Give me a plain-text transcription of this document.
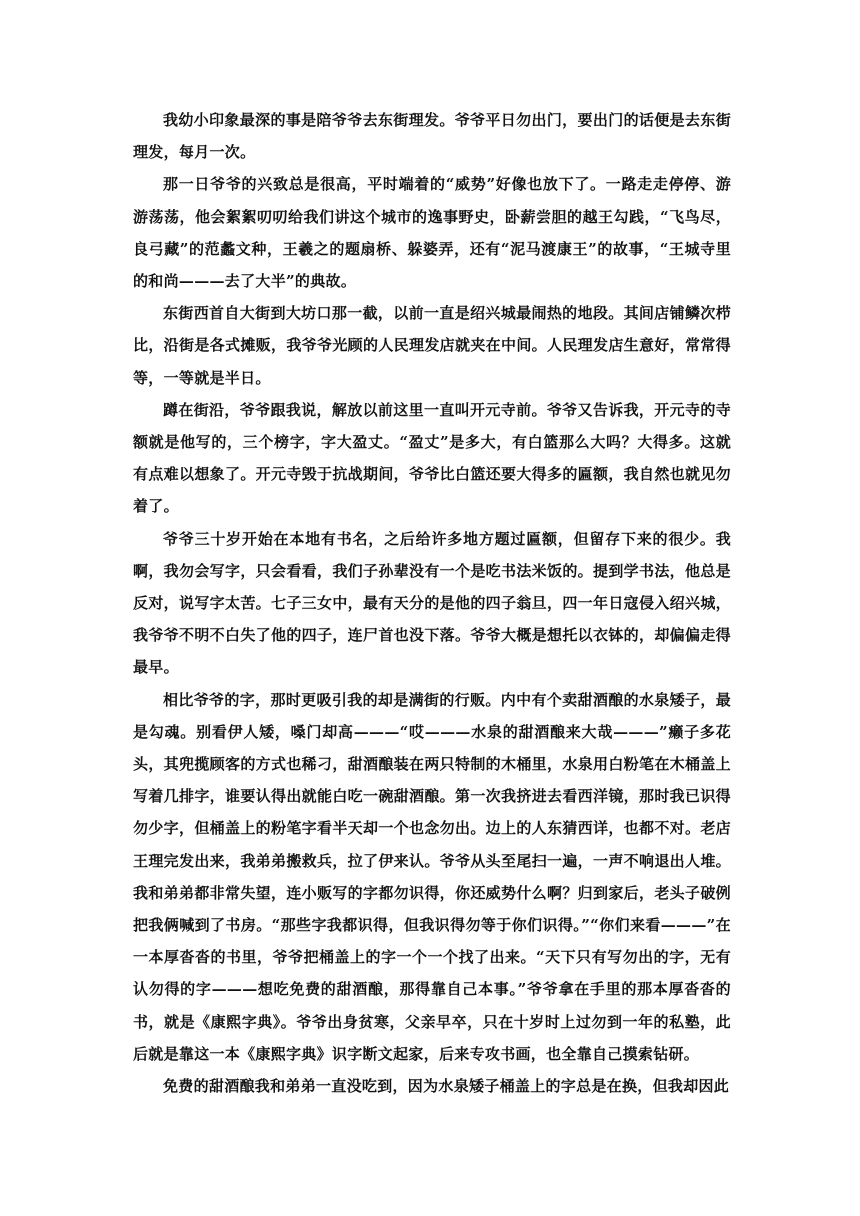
我幼小印象最深的事是陪爷爷去东街理发。爷爷平日勿出门，要出门的话便是去东街理发，每月一次。

那一日爷爷的兴致总是很高，平时端着的“威势”好像也放下了。一路走走停停、游游荡荡，他会絮絮叨叨给我们讲这个城市的逸事野史，卧薪尝胆的越王勾践，“飞鸟尽，良弓藏”的范蠡文种，王羲之的题扇桥、躲婆弄，还有“泥马渡康王”的故事，“王城寺里的和尚———去了大半”的典故。

东街西首自大街到大坊口那一截，以前一直是绍兴城最闹热的地段。其间店铺鳞次栉比，沿街是各式摊贩，我爷爷光顾的人民理发店就夹在中间。人民理发店生意好，常常得等，一等就是半日。

蹲在街沿，爷爷跟我说，解放以前这里一直叫开元寺前。爷爷又告诉我，开元寺的寺额就是他写的，三个榜字，字大盈丈。“盈丈”是多大，有白篮那么大吗？大得多。这就有点难以想象了。开元寺毁于抗战期间，爷爷比白篮还要大得多的匾额，我自然也就见勿着了。

爷爷三十岁开始在本地有书名，之后给许多地方题过匾额，但留存下来的很少。我啊，我勿会写字，只会看看，我们子孙辈没有一个是吃书法米饭的。提到学书法，他总是反对，说写字太苦。七子三女中，最有天分的是他的四子翁旦，四一年日寇侵入绍兴城，我爷爷不明不白失了他的四子，连尸首也没下落。爷爷大概是想托以衣钵的，却偏偏走得最早。

相比爷爷的字，那时更吸引我的却是满街的行贩。内中有个卖甜酒酿的水泉矮子，最是勾魂。别看伊人矮，嗓门却高———“哎———水泉的甜酒酿来大哉———”癞子多花头，其兜揽顾客的方式也稀刁，甜酒酿装在两只特制的木桶里，水泉用白粉笔在木桶盖上写着几排字，谁要认得出就能白吃一碗甜酒酿。第一次我挤进去看西洋镜，那时我已识得勿少字，但桶盖上的粉笔字看半天却一个也念勿出。边上的人东猜西详，也都不对。老店王理完发出来，我弟弟搬救兵，拉了伊来认。爷爷从头至尾扫一遍，一声不响退出人堆。我和弟弟都非常失望，连小贩写的字都勿识得，你还威势什么啊？归到家后，老头子破例把我俩喊到了书房。“那些字我都识得，但我识得勿等于你们识得。”“你们来看———”在一本厚沓沓的书里，爷爷把桶盖上的字一个一个找了出来。“天下只有写勿出的字，无有认勿得的字———想吃免费的甜酒酿，那得靠自己本事。”爷爷拿在手里的那本厚沓沓的书，就是《康熙字典》。爷爷出身贫寒，父亲早卒，只在十岁时上过勿到一年的私塾，此后就是靠这一本《康熙字典》识字断文起家，后来专攻书画，也全靠自己摸索钻研。

免费的甜酒酿我和弟弟一直没吃到，因为水泉矮子桶盖上的字总是在换，但我却因此
